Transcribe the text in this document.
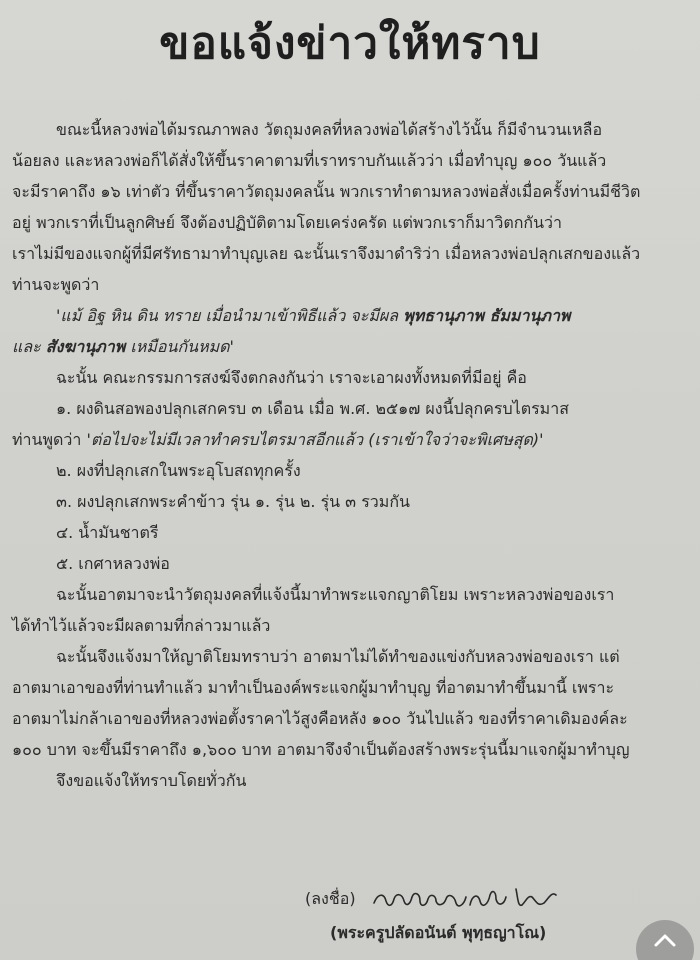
ขอแจ้งข่าวให้ทราบ
ขณะนี้หลวงพ่อได้มรณภาพลง วัตถุมงคลที่หลวงพ่อได้สร้างไว้นั้น ก็มีจำนวนเหลือ
น้อยลง และหลวงพ่อก็ได้สั่งให้ขึ้นราคาตามที่เราทราบกันแล้วว่า เมื่อทำบุญ ๑๐๐ วันแล้ว
จะมีราคาถึง ๑๖ เท่าตัว ที่ขึ้นราคาวัตถุมงคลนั้น พวกเราทำตามหลวงพ่อสั่งเมื่อครั้งท่านมีชีวิต
อยู่ พวกเราที่เป็นลูกศิษย์ จึงต้องปฏิบัติตามโดยเคร่งครัด แต่พวกเราก็มาวิตกกันว่า
เราไม่มีของแจกผู้ที่มีศรัทธามาทำบุญเลย ฉะนั้นเราจึงมาดำริว่า เมื่อหลวงพ่อปลุกเสกของแล้ว
ท่านจะพูดว่า
'แม้ อิฐ หิน ดิน ทราย เมื่อนำมาเข้าพิธีแล้ว จะมีผล พุทธานุภาพ ธัมมานุภาพ
และ สังฆานุภาพ เหมือนกันหมด'
ฉะนั้น คณะกรรมการสงฆ์จึงตกลงกันว่า เราจะเอาผงทั้งหมดที่มีอยู่ คือ
๑. ผงดินสอพองปลุกเสกครบ ๓ เดือน เมื่อ พ.ศ. ๒๕๑๗ ผงนี้ปลุกครบไตรมาส
ท่านพูดว่า 'ต่อไปจะไม่มีเวลาทำครบไตรมาสอีกแล้ว (เราเข้าใจว่าจะพิเศษสุด)'
๒. ผงที่ปลุกเสกในพระอุโบสถทุกครั้ง
๓. ผงปลุกเสกพระคำข้าว รุ่น ๑. รุ่น ๒. รุ่น ๓ รวมกัน
๔. น้ำมันชาตรี
๕. เกศาหลวงพ่อ
ฉะนั้นอาตมาจะนำวัตถุมงคลที่แจ้งนี้มาทำพระแจกญาติโยม เพราะหลวงพ่อของเรา
ได้ทำไว้แล้วจะมีผลตามที่กล่าวมาแล้ว
ฉะนั้นจึงแจ้งมาให้ญาติโยมทราบว่า อาตมาไม่ได้ทำของแข่งกับหลวงพ่อของเรา แต่
อาตมาเอาของที่ท่านทำแล้ว มาทำเป็นองค์พระแจกผู้มาทำบุญ ที่อาตมาทำขึ้นมานี้ เพราะ
อาตมาไม่กล้าเอาของที่หลวงพ่อตั้งราคาไว้สูงคือหลัง ๑๐๐ วันไปแล้ว ของที่ราคาเดิมองค์ละ
๑๐๐ บาท จะขึ้นมีราคาถึง ๑,๖๐๐ บาท อาตมาจึงจำเป็นต้องสร้างพระรุ่นนี้มาแจกผู้มาทำบุญ
จึงขอแจ้งให้ทราบโดยทั่วกัน
(ลงชื่อ)
(พระครูปลัดอนันต์ พุทฺธญาโณ)
